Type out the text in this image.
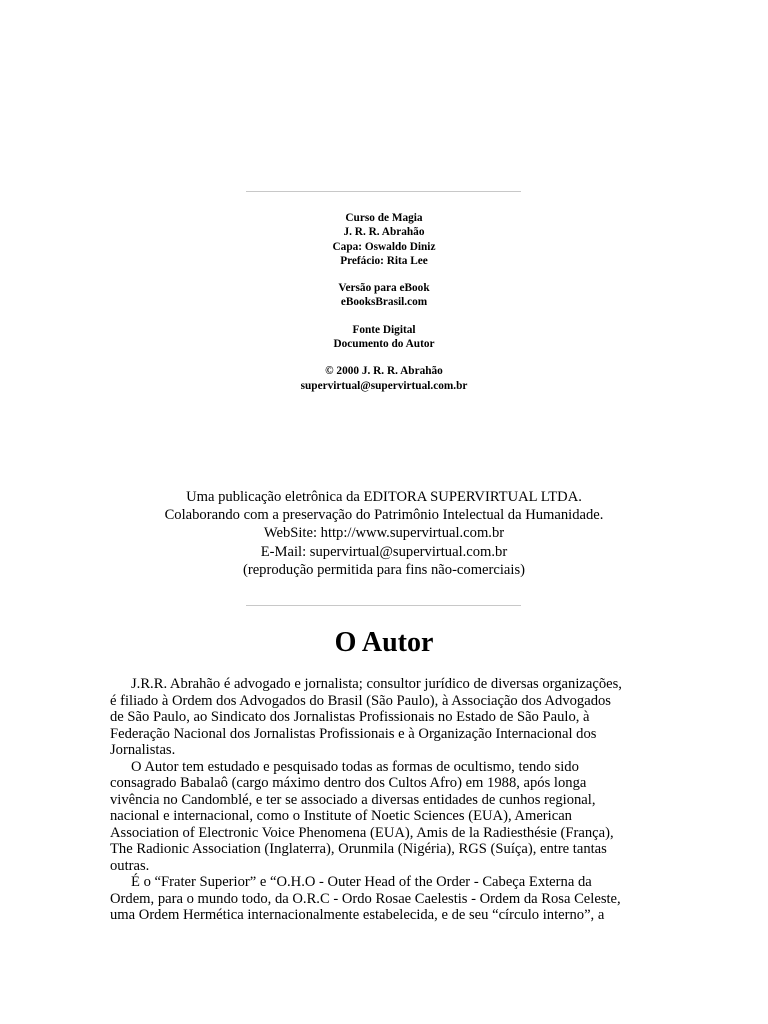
Curso de Magia
J. R. R. Abrahão
Capa: Oswaldo Diniz
Prefácio: Rita Lee
Versão para eBook
eBooksBrasil.com
Fonte Digital
Documento do Autor
© 2000 J. R. R. Abrahão
supervirtual@supervirtual.com.br
Uma publicação eletrônica da EDITORA SUPERVIRTUAL LTDA.
Colaborando com a preservação do Patrimônio Intelectual da Humanidade.
WebSite: http://www.supervirtual.com.br
E-Mail: supervirtual@supervirtual.com.br
(reprodução permitida para fins não-comerciais)
O Autor

J.R.R. Abrahão é advogado e jornalista; consultor jurídico de diversas organizações,
é filiado à Ordem dos Advogados do Brasil (São Paulo), à Associação dos Advogados
de São Paulo, ao Sindicato dos Jornalistas Profissionais no Estado de São Paulo, à
Federação Nacional dos Jornalistas Profissionais e à Organização Internacional dos
Jornalistas.

O Autor tem estudado e pesquisado todas as formas de ocultismo, tendo sido
consagrado Babalaô (cargo máximo dentro dos Cultos Afro) em 1988, após longa
vivência no Candomblé, e ter se associado a diversas entidades de cunhos regional,
nacional e internacional, como o Institute of Noetic Sciences (EUA), American
Association of Electronic Voice Phenomena (EUA), Amis de la Radiesthésie (França),
The Radionic Association (Inglaterra), Orunmila (Nigéria), RGS (Suíça), entre tantas
outras.

É o “Frater Superior” e “O.H.O - Outer Head of the Order - Cabeça Externa da
Ordem, para o mundo todo, da O.R.C - Ordo Rosae Caelestis - Ordem da Rosa Celeste,
uma Ordem Hermética internacionalmente estabelecida, e de seu “círculo interno”, a
